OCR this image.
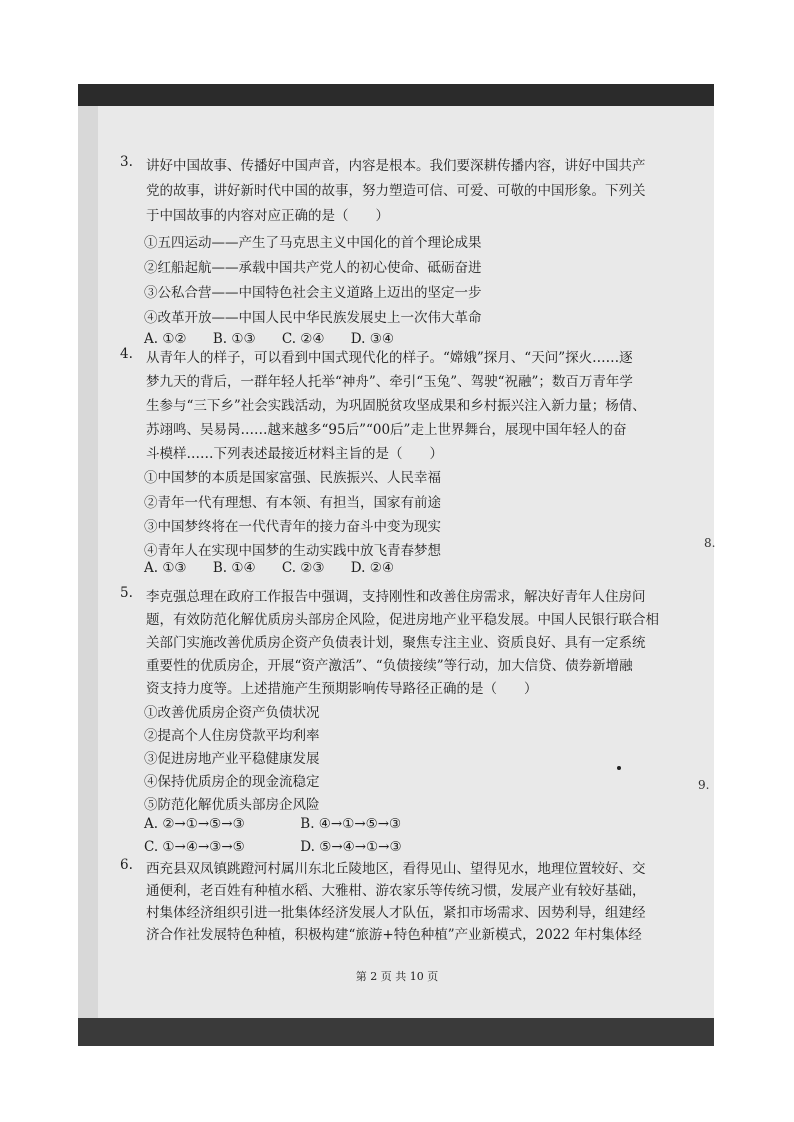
3. 讲好中国故事、传播好中国声音，内容是根本。我们要深耕传播内容，讲好中国共产
党的故事，讲好新时代中国的故事，努力塑造可信、可爱、可敬的中国形象。下列关
于中国故事的内容对应正确的是（　　）
①五四运动——产生了马克思主义中国化的首个理论成果
②红船起航——承载中国共产党人的初心使命、砥砺奋进
③公私合营——中国特色社会主义道路上迈出的坚定一步
④改革开放——中国人民中华民族发展史上一次伟大革命
A. ①② B. ①③ C. ②④ D. ③④
4. 从青年人的样子，可以看到中国式现代化的样子。“嫦娥”探月、“天问”探火……逐
梦九天的背后，一群年轻人托举“神舟”、牵引“玉兔”、驾驶“祝融”；数百万青年学
生参与“三下乡”社会实践活动，为巩固脱贫攻坚成果和乡村振兴注入新力量；杨倩、
苏翊鸣、吴易昺……越来越多“95后”“00后”走上世界舞台，展现中国年轻人的奋
斗模样……下列表述最接近材料主旨的是（　　）
①中国梦的本质是国家富强、民族振兴、人民幸福
②青年一代有理想、有本领、有担当，国家有前途
③中国梦终将在一代代青年的接力奋斗中变为现实
④青年人在实现中国梦的生动实践中放飞青春梦想
A. ①③ B. ①④ C. ②③ D. ②④
5. 李克强总理在政府工作报告中强调，支持刚性和改善住房需求，解决好青年人住房问
题，有效防范化解优质房头部房企风险，促进房地产业平稳发展。中国人民银行联合相
关部门实施改善优质房企资产负债表计划，聚焦专注主业、资质良好、具有一定系统
重要性的优质房企，开展“资产激活”、“负债接续”等行动，加大信贷、债券新增融
资支持力度等。上述措施产生预期影响传导路径正确的是（　　）
①改善优质房企资产负债状况
②提高个人住房贷款平均利率
③促进房地产业平稳健康发展
④保持优质房企的现金流稳定
⑤防范化解优质头部房企风险
A. ②→①→⑤→③	B. ④→①→⑤→③
C. ①→④→③→⑤	D. ⑤→④→①→③
6. 西充县双凤镇跳蹬河村属川东北丘陵地区，看得见山、望得见水，地理位置较好、交
通便利，老百姓有种植水稻、大雅柑、游农家乐等传统习惯，发展产业有较好基础，
村集体经济组织引进一批集体经济发展人才队伍，紧扣市场需求、因势利导，组建经
济合作社发展特色种植，积极构建“旅游+特色种植”产业新模式，2022 年村集体经
8.
9.
第 2 页 共 10 页
